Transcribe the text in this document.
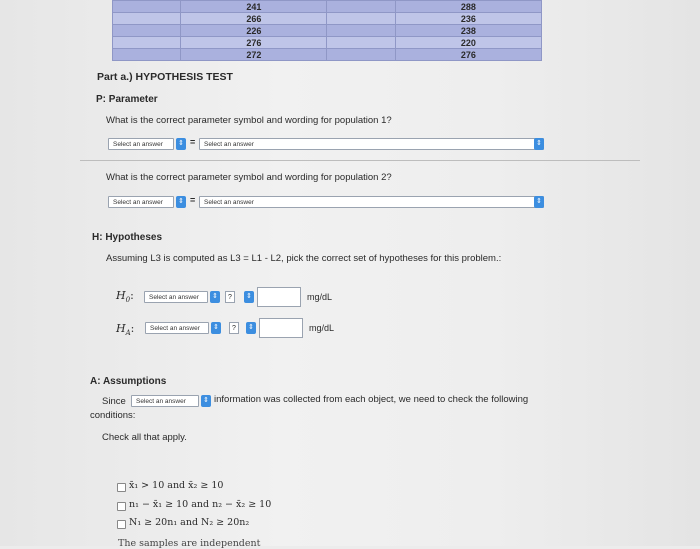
	241		288
	266		236
	226		238
	276		220
	272		276
Part a.) HYPOTHESIS TEST
P: Parameter
What is the correct parameter symbol and wording for population 1?
Select an answer	⇕ =	Select an answer	⇕
What is the correct parameter symbol and wording for population 2?
Select an answer	⇕ =	Select an answer	⇕
H: Hypotheses
Assuming L3 is computed as L3 = L1 - L2, pick the correct set of hypotheses for this problem.:
$H_0$:	Select an answer	⇕	?	⇕	mg/dL
$H_A$:	Select an answer	⇕	?	⇕	mg/dL
A: Assumptions
Since	Select an answer	⇕ information was collected from each object, we need to check the following
conditions:
Check all that apply.
x̄₁ > 10 and x̄₂ ≥ 10
n₁ − x̄₁ ≥ 10 and n₂ − x̄₂ ≥ 10
N₁ ≥ 20n₁ and N₂ ≥ 20n₂
The samples are independent
